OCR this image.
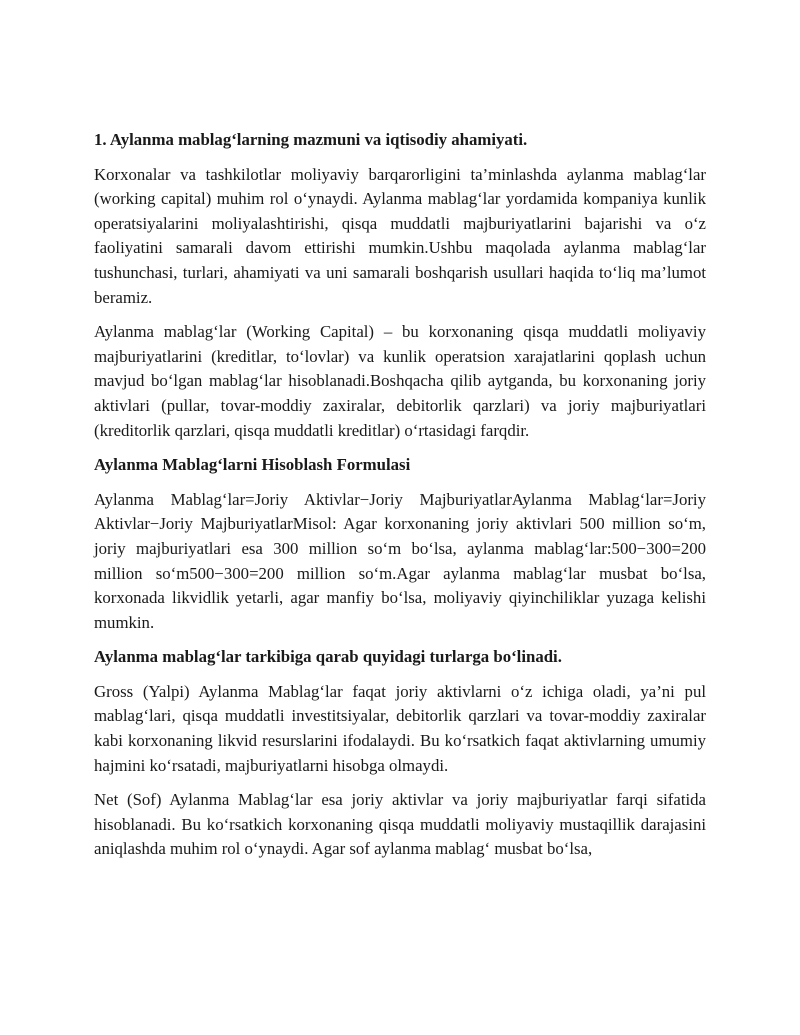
1. Aylanma mablag‘larning mazmuni va iqtisodiy ahamiyati.

Korxonalar va tashkilotlar moliyaviy barqarorligini ta’minlashda aylanma mablag‘lar (working capital) muhim rol o‘ynaydi. Aylanma mablag‘lar yordamida kompaniya kunlik operatsiyalarini moliyalashtirishi, qisqa muddatli majburiyatlarini bajarishi va o‘z faoliyatini samarali davom ettirishi mumkin.Ushbu maqolada aylanma mablag‘lar tushunchasi, turlari, ahamiyati va uni samarali boshqarish usullari haqida to‘liq ma’lumot beramiz.

Aylanma mablag‘lar (Working Capital) – bu korxonaning qisqa muddatli moliyaviy majburiyatlarini (kreditlar, to‘lovlar) va kunlik operatsion xarajatlarini qoplash uchun mavjud bo‘lgan mablag‘lar hisoblanadi.Boshqacha qilib aytganda, bu korxonaning joriy aktivlari (pullar, tovar-moddiy zaxiralar, debitorlik qarzlari) va joriy majburiyatlari (kreditorlik qarzlari, qisqa muddatli kreditlar) o‘rtasidagi farqdir.

Aylanma Mablag‘larni Hisoblash Formulasi

Aylanma Mablag‘lar=Joriy Aktivlar−Joriy MajburiyatlarAylanma Mablag‘lar=Joriy Aktivlar−Joriy MajburiyatlarMisol: Agar korxonaning joriy aktivlari 500 million so‘m, joriy majburiyatlari esa 300 million so‘m bo‘lsa, aylanma mablag‘lar:500−300=200 million so‘m500−300=200 million so‘m.Agar aylanma mablag‘lar musbat bo‘lsa, korxonada likvidlik yetarli, agar manfiy bo‘lsa, moliyaviy qiyinchiliklar yuzaga kelishi mumkin.

Aylanma mablag‘lar tarkibiga qarab quyidagi turlarga bo‘linadi.

Gross (Yalpi) Aylanma Mablag‘lar faqat joriy aktivlarni o‘z ichiga oladi, ya’ni pul mablag‘lari, qisqa muddatli investitsiyalar, debitorlik qarzlari va tovar-moddiy zaxiralar kabi korxonaning likvid resurslarini ifodalaydi. Bu ko‘rsatkich faqat aktivlarning umumiy hajmini ko‘rsatadi, majburiyatlarni hisobga olmaydi.

Net (Sof) Aylanma Mablag‘lar esa joriy aktivlar va joriy majburiyatlar farqi sifatida hisoblanadi. Bu ko‘rsatkich korxonaning qisqa muddatli moliyaviy mustaqillik darajasini aniqlashda muhim rol o‘ynaydi. Agar sof aylanma mablag‘ musbat bo‘lsa,
